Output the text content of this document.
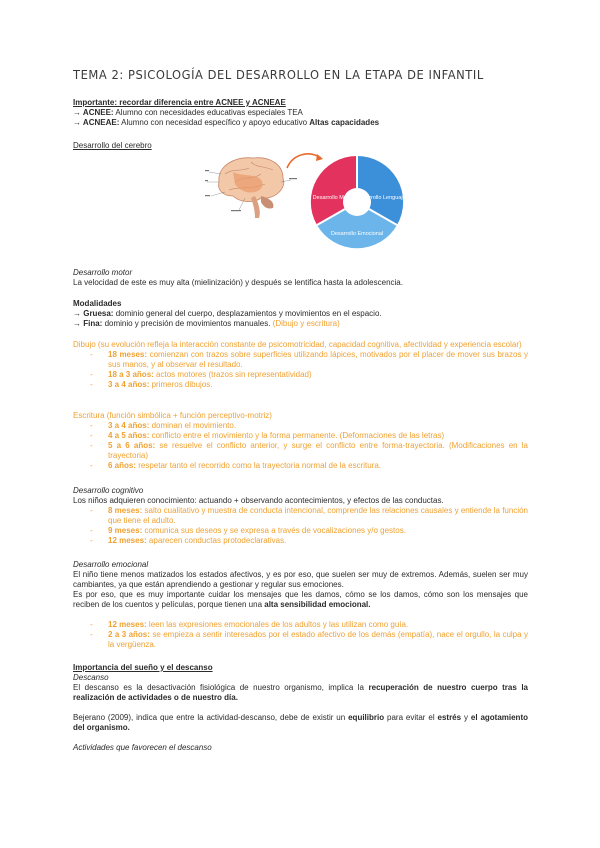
TEMA 2: PSICOLOGÍA DEL DESARROLLO EN LA ETAPA DE INFANTIL

Importante: recordar diferencia entre ACNEE y ACNEAE

→ ACNEE: Alumno con necesidades educativas especiales TEA

→ ACNEAE: Alumno con necesidad específico y apoyo educativo Altas capacidades

Desarrollo del cerebro

Desarrollo Motor Desarrollo Lenguaje
Desarrollo Emocional

Desarrollo motor

La velocidad de este es muy alta (mielinización) y después se lentifica hasta la adolescencia.

Modalidades

→ Gruesa: dominio general del cuerpo, desplazamientos y movimientos en el espacio.

→ Fina: dominio y precisión de movimientos manuales. (Dibujo y escritura)

Dibujo (su evolución refleja la interacción constante de psicomotricidad, capacidad cognitiva, afectividad y experiencia escolar)

- 18 meses: comienzan con trazos sobre superficies utilizando lápices, motivados por el placer de mover sus brazos y sus manos, y al observar el resultado.
- 18 a 3 años: actos motores (trazos sin representatividad)
- 3 a 4 años: primeros dibujos.

Escritura (función simbólica + función perceptivo-motriz)

- 3 a 4 años: dominan el movimiento.
- 4 a 5 años: conflicto entre el movimiento y la forma permanente. (Deformaciones de las letras)
- 5 a 6 años: se resuelve el conflicto anterior, y surge el conflicto entre forma-trayectoria. (Modificaciones en la trayectoria)
- 6 años: respetar tanto el recorrido como la trayectoria normal de la escritura.

Desarrollo cognitivo

Los niños adquieren conocimiento: actuando + observando acontecimientos, y efectos de las conductas.

- 8 meses: salto cualitativo y muestra de conducta intencional, comprende las relaciones causales y entiende la función que tiene el adulto.
- 9 meses: comunica sus deseos y se expresa a través de vocalizaciones y/o gestos.
- 12 meses: aparecen conductas protodeclarativas.

Desarrollo emocional

El niño tiene menos matizados los estados afectivos, y es por eso, que suelen ser muy de extremos. Además, suelen ser muy cambiantes, ya que están aprendiendo a gestionar y regular sus emociones.

Es por eso, que es muy importante cuidar los mensajes que les damos, cómo se los damos, cómo son los mensajes que reciben de los cuentos y películas, porque tienen una alta sensibilidad emocional.

- 12 meses: leen las expresiones emocionales de los adultos y las utilizan como guía.
- 2 a 3 años: se empieza a sentir interesados por el estado afectivo de los demás (empatía), nace el orgullo, la culpa y la vergüenza.

Importancia del sueño y el descanso

Descanso

El descanso es la desactivación fisiológica de nuestro organismo, implica la recuperación de nuestro cuerpo tras la realización de actividades o de nuestro día.

Bejerano (2009), indica que entre la actividad-descanso, debe de existir un equilibrio para evitar el estrés y el agotamiento del organismo.

Actividades que favorecen el descanso
